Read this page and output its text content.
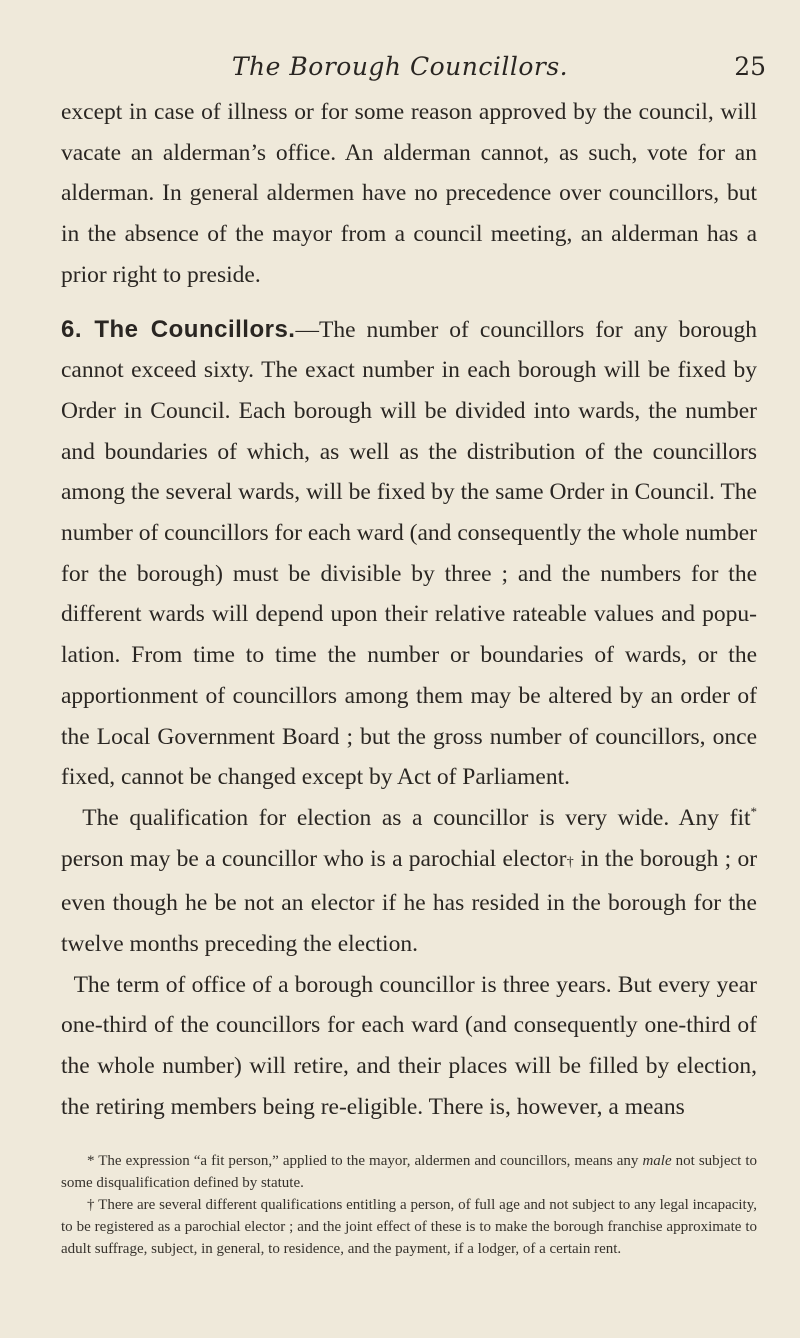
The Borough Councillors.	25

except in case of illness or for some reason approved by the council, will vacate an alderman’s office. An alderman cannot, as such, vote for an alderman. In general aldermen have no precedence over councillors, but in the absence of the mayor from a council meeting, an alderman has a prior right to preside.

6. The Councillors.—The number of councillors for any borough cannot exceed sixty. The exact number in each borough will be fixed by Order in Council. Each borough will be divided into wards, the number and boundaries of which, as well as the distribution of the councillors among the several wards, will be fixed by the same Order in Council. The number of councillors for each ward (and consequently the whole number for the borough) must be divisible by three ; and the numbers for the different wards will depend upon their relative rateable values and population. From time to time the number or boundaries of wards, or the apportionment of councillors among them may be altered by an order of the Local Government Board ; but the gross number of councillors, once fixed, cannot be changed except by Act of Parliament.

The qualification for election as a councillor is very wide. Any fit* person may be a councillor who is a parochial elector† in the borough ; or even though he be not an elector if he has resided in the borough for the twelve months preceding the election.

The term of office of a borough councillor is three years. But every year one-third of the councillors for each ward (and consequently one-third of the whole number) will retire, and their places will be filled by election, the retiring members being re-eligible. There is, however, a means

* The expression “a fit person,” applied to the mayor, aldermen and councillors, means any male not subject to some disqualification defined by statute.

† There are several different qualifications entitling a person, of full age and not subject to any legal incapacity, to be registered as a parochial elector ; and the joint effect of these is to make the borough franchise approximate to adult suffrage, subject, in general, to residence, and the payment, if a lodger, of a certain rent.
